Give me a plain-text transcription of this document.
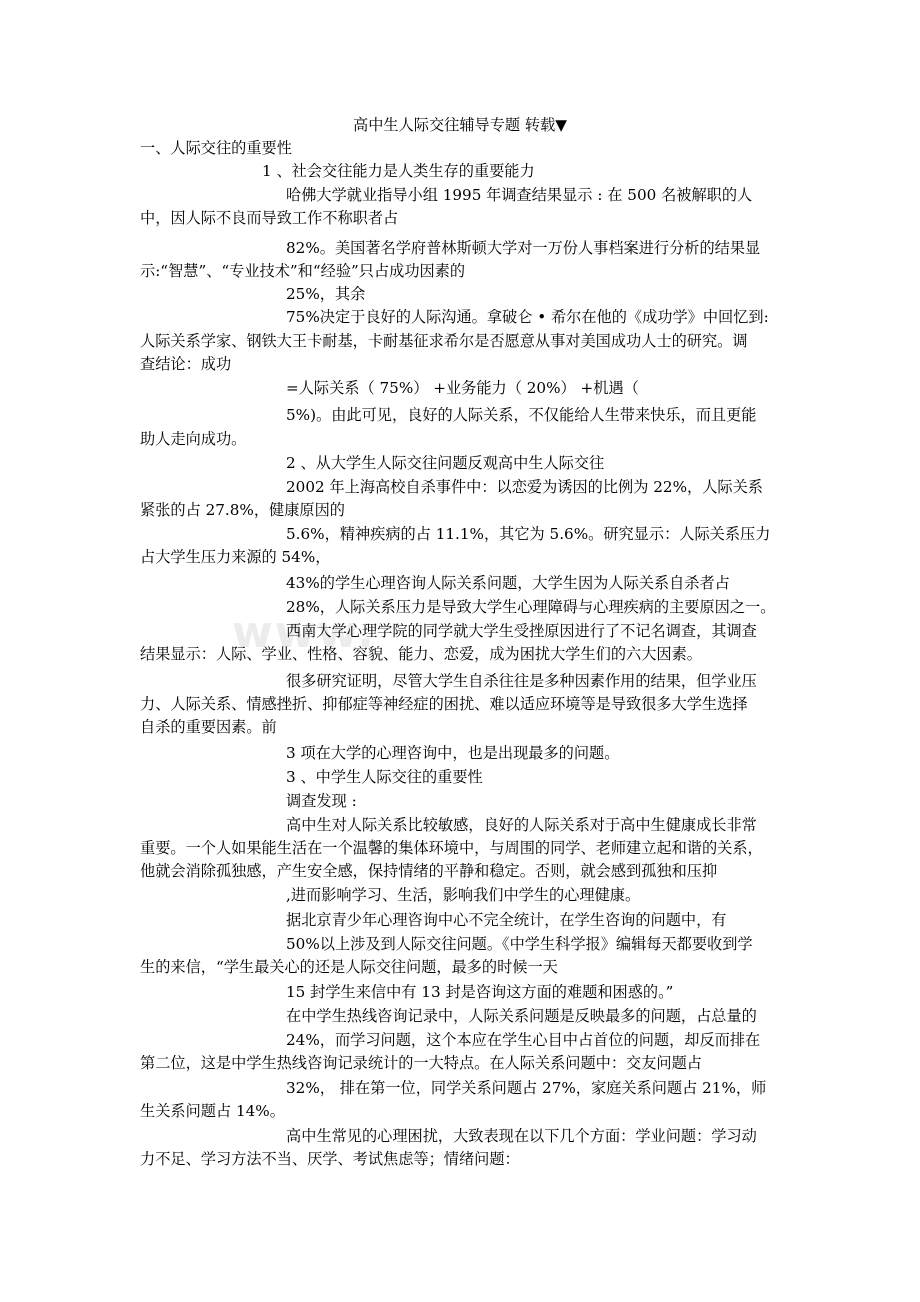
www.
高中生人际交往辅导专题 转载▼
一、人际交往的重要性
1 、社会交往能力是人类生存的重要能力
哈佛大学就业指导小组 1995 年调查结果显示 : 在 500 名被解职的人
中，因人际不良而导致工作不称职者占
82%。美国著名学府普林斯顿大学对一万份人事档案进行分析的结果显
示:“智慧”、“专业技术”和“经验”只占成功因素的
25%，其余
75%决定于良好的人际沟通。拿破仑 • 希尔在他的《成功学》中回忆到:
人际关系学家、钢铁大王卡耐基，卡耐基征求希尔是否愿意从事对美国成功人士的研究。调
查结论：成功
=人际关系（ 75%） +业务能力（ 20%） +机遇（
5%)。由此可见，良好的人际关系，不仅能给人生带来快乐，而且更能
助人走向成功。
2 、从大学生人际交往问题反观高中生人际交往
2002 年上海高校自杀事件中：以恋爱为诱因的比例为 22%，人际关系
紧张的占 27.8%，健康原因的
5.6%，精神疾病的占 11.1%，其它为 5.6%。研究显示：人际关系压力
占大学生压力来源的 54%，
43%的学生心理咨询人际关系问题，大学生因为人际关系自杀者占
28%，人际关系压力是导致大学生心理障碍与心理疾病的主要原因之一。
西南大学心理学院的同学就大学生受挫原因进行了不记名调查，其调查
结果显示：人际、学业、性格、容貌、能力、恋爱，成为困扰大学生们的六大因素。
很多研究证明，尽管大学生自杀往往是多种因素作用的结果，但学业压
力、人际关系、情感挫折、抑郁症等神经症的困扰、难以适应环境等是导致很多大学生选择
自杀的重要因素。前
3 项在大学的心理咨询中，也是出现最多的问题。
3 、中学生人际交往的重要性
调查发现 :
高中生对人际关系比较敏感，良好的人际关系对于高中生健康成长非常
重要。一个人如果能生活在一个温馨的集体环境中，与周围的同学、老师建立起和谐的关系，
他就会消除孤独感，产生安全感，保持情绪的平静和稳定。否则，就会感到孤独和压抑
,进而影响学习、生活，影响我们中学生的心理健康。
据北京青少年心理咨询中心不完全统计，在学生咨询的问题中，有
50%以上涉及到人际交往问题。《中学生科学报》编辑每天都要收到学
生的来信，“学生最关心的还是人际交往问题，最多的时候一天
15 封学生来信中有 13 封是咨询这方面的难题和困惑的。”
在中学生热线咨询记录中，人际关系问题是反映最多的问题，占总量的
24%，而学习问题，这个本应在学生心目中占首位的问题，却反而排在
第二位，这是中学生热线咨询记录统计的一大特点。在人际关系问题中：交友问题占
32%， 排在第一位，同学关系问题占 27%，家庭关系问题占 21%，师
生关系问题占 14%。
高中生常见的心理困扰，大致表现在以下几个方面：学业问题：学习动
力不足、学习方法不当、厌学、考试焦虑等；情绪问题：
